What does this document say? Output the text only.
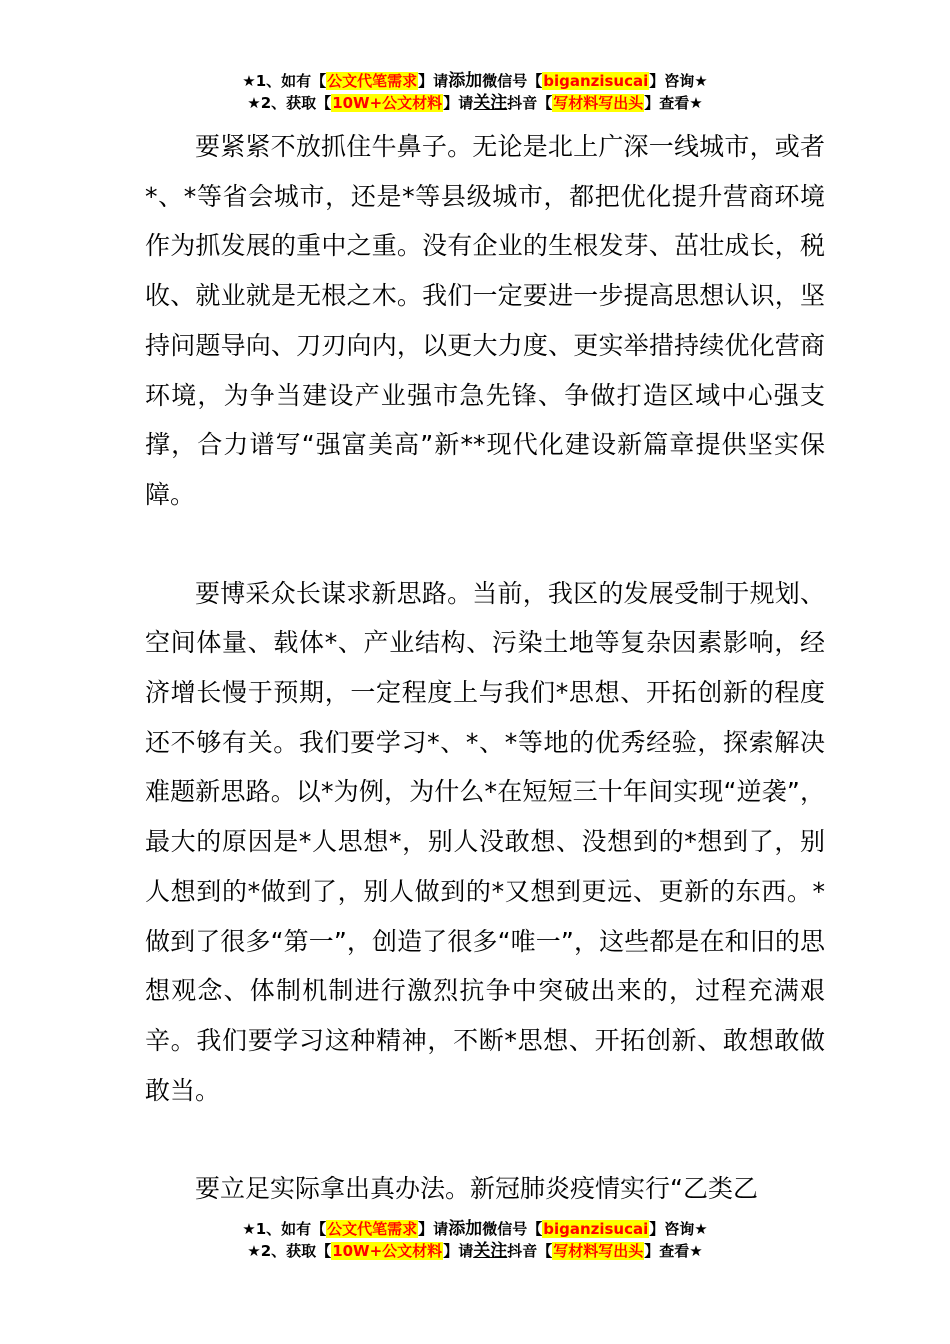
★1、如有【公文代笔需求】请添加微信号【biganzisucai】咨询★
★2、获取【10W+公文材料】请关注抖音【写材料写出头】查看★

要紧紧不放抓住牛鼻子。无论是北上广深一线城市，或者*、*等省会城市，还是*等县级城市，都把优化提升营商环境作为抓发展的重中之重。没有企业的生根发芽、茁壮成长，税收、就业就是无根之木。我们一定要进一步提高思想认识，坚持问题导向、刀刃向内，以更大力度、更实举措持续优化营商环境，为争当建设产业强市急先锋、争做打造区域中心强支撑，合力谱写“强富美高”新**现代化建设新篇章提供坚实保障。

要博采众长谋求新思路。当前，我区的发展受制于规划、空间体量、载体*、产业结构、污染土地等复杂因素影响，经济增长慢于预期，一定程度上与我们*思想、开拓创新的程度还不够有关。我们要学习*、*、*等地的优秀经验，探索解决难题新思路。以*为例，为什么*在短短三十年间实现“逆袭”，最大的原因是*人思想*，别人没敢想、没想到的*想到了，别人想到的*做到了，别人做到的*又想到更远、更新的东西。*做到了很多“第一”，创造了很多“唯一”，这些都是在和旧的思想观念、体制机制进行激烈抗争中突破出来的，过程充满艰辛。我们要学习这种精神，不断*思想、开拓创新、敢想敢做敢当。

要立足实际拿出真办法。新冠肺炎疫情实行“乙类乙

★1、如有【公文代笔需求】请添加微信号【biganzisucai】咨询★
★2、获取【10W+公文材料】请关注抖音【写材料写出头】查看★
